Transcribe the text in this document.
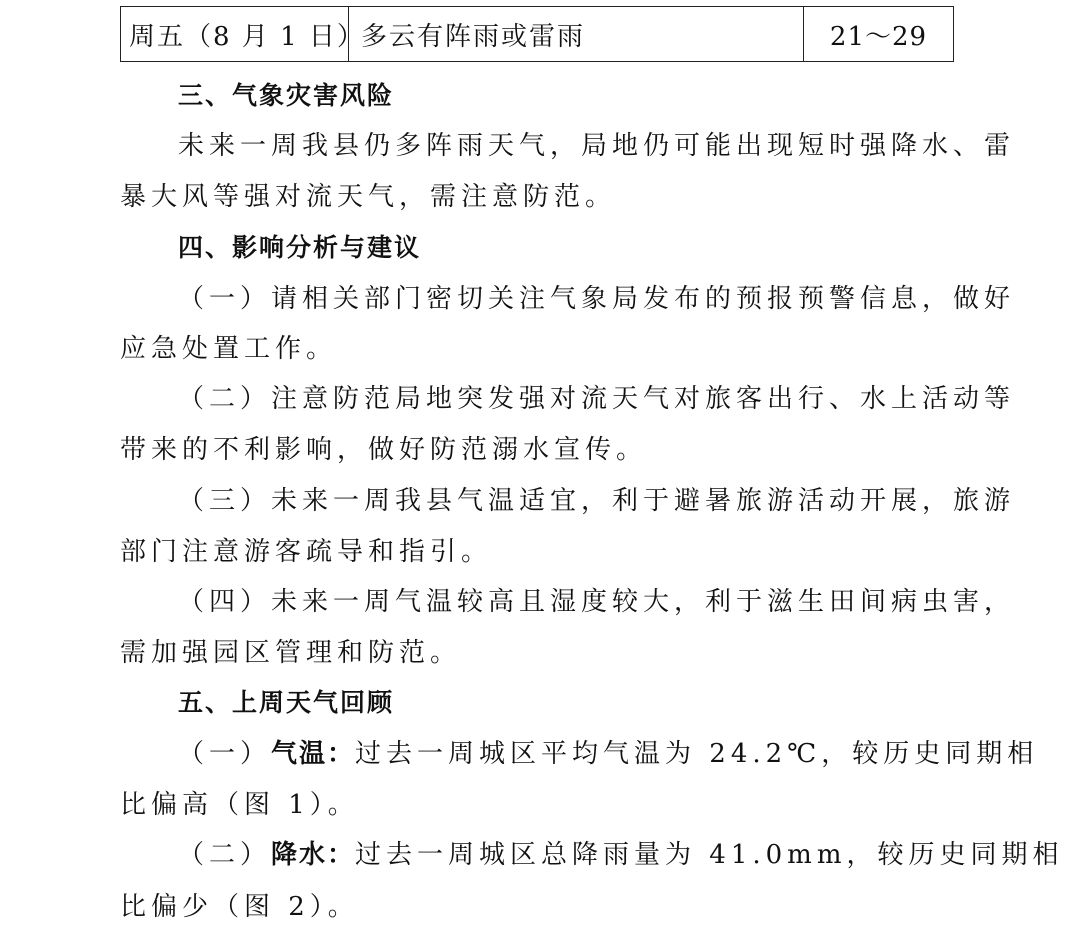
周五（8 月 1 日）
多云有阵雨或雷雨	21～29
三、气象灾害风险
未来一周我县仍多阵雨天气，局地仍可能出现短时强降水、雷
暴大风等强对流天气，需注意防范。
四、影响分析与建议
（一）请相关部门密切关注气象局发布的预报预警信息，做好
应急处置工作。
（二）注意防范局地突发强对流天气对旅客出行、水上活动等
带来的不利影响，做好防范溺水宣传。
（三）未来一周我县气温适宜，利于避暑旅游活动开展，旅游
部门注意游客疏导和指引。
（四）未来一周气温较高且湿度较大，利于滋生田间病虫害，
需加强园区管理和防范。
五、上周天气回顾
（一）气温：过去一周城区平均气温为 24.2℃，较历史同期相
比偏高（图 1）。
（二）降水：过去一周城区总降雨量为 41.0mm，较历史同期相
比偏少（图 2）。
